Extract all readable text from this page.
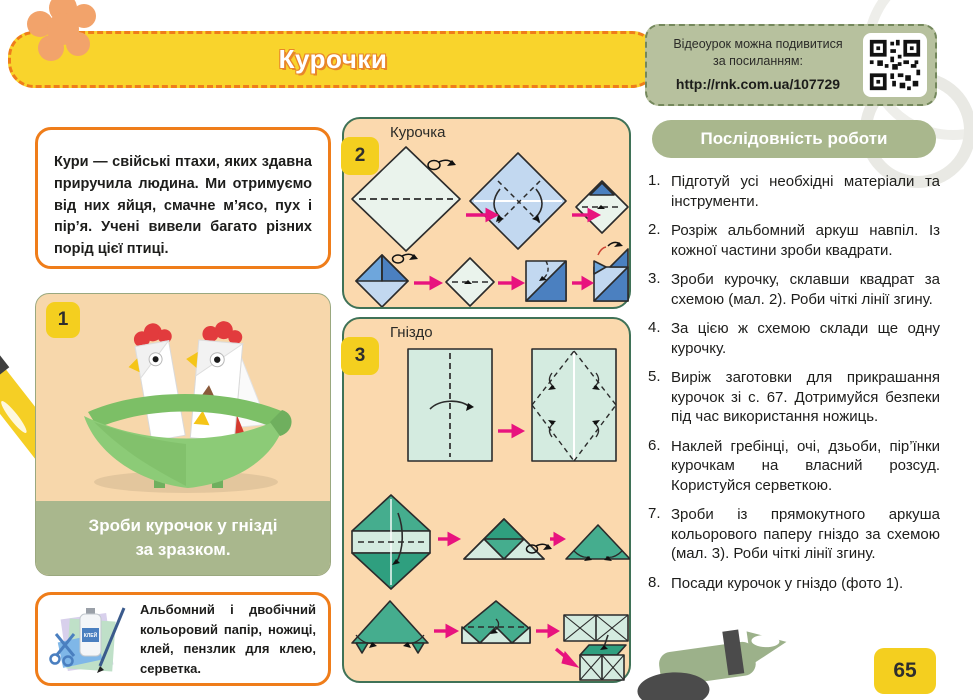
Курочки	Відеоурок можна подивитися
за посиланням:
http://rnk.com.ua/107729

Кури — свійські птахи, яких здавна приручила людина. Ми отримуємо від них яйця, смачне м’ясо, пух і пір’я. Учені вивели багато різних порід цієї птиці.

1
Зроби курочок у гнізді
за зразком.
КЛЕЙ
Альбомний і двобічний кольоровий папір, ножиці, клей, пензлик для клею, серветка.
2
Курочка
3
Гніздо
Послідовність роботи
1. Підготуй усі необхідні матеріали та інструменти.
2. Розріж альбомний аркуш навпіл. Із кожної частини зроби квадрати.
3. Зроби курочку, склавши квадрат за схемою (мал. 2). Роби чіткі лінії згину.
4. За цією ж схемою склади ще одну курочку.
5. Виріж заготовки для прикрашання курочок зі с. 67. Дотримуйся безпеки під час використання ножиць.
6. Наклей гребінці, очі, дзьоби, пір’їнки курочкам на власний розсуд. Користуйся серветкою.
7. Зроби із прямокутного аркуша кольорового паперу гніздо за схемою (мал. 3). Роби чіткі лінії згину.
8. Посади курочок у гніздо (фото 1).
65
